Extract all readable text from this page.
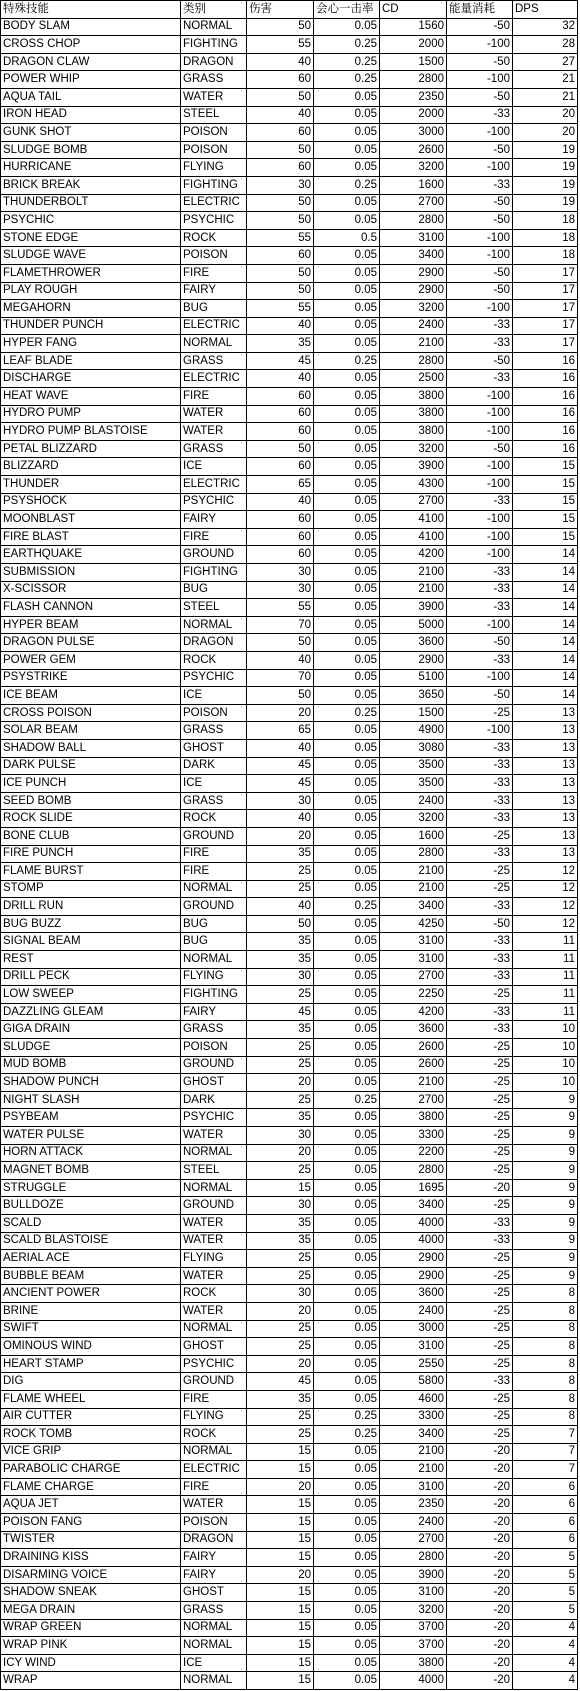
特殊技能	类别	伤害	会心一击率	CD	能量消耗	DPS
BODY SLAM	NORMAL	50	0.05	1560	-50	32
CROSS CHOP	FIGHTING	55	0.25	2000	-100	28
DRAGON CLAW	DRAGON	40	0.25	1500	-50	27
POWER WHIP	GRASS	60	0.25	2800	-100	21
AQUA TAIL	WATER	50	0.05	2350	-50	21
IRON HEAD	STEEL	40	0.05	2000	-33	20
GUNK SHOT	POISON	60	0.05	3000	-100	20
SLUDGE BOMB	POISON	50	0.05	2600	-50	19
HURRICANE	FLYING	60	0.05	3200	-100	19
BRICK BREAK	FIGHTING	30	0.25	1600	-33	19
THUNDERBOLT	ELECTRIC	50	0.05	2700	-50	19
PSYCHIC	PSYCHIC	50	0.05	2800	-50	18
STONE EDGE	ROCK	55	0.5	3100	-100	18
SLUDGE WAVE	POISON	60	0.05	3400	-100	18
FLAMETHROWER	FIRE	50	0.05	2900	-50	17
PLAY ROUGH	FAIRY	50	0.05	2900	-50	17
MEGAHORN	BUG	55	0.05	3200	-100	17
THUNDER PUNCH	ELECTRIC	40	0.05	2400	-33	17
HYPER FANG	NORMAL	35	0.05	2100	-33	17
LEAF BLADE	GRASS	45	0.25	2800	-50	16
DISCHARGE	ELECTRIC	40	0.05	2500	-33	16
HEAT WAVE	FIRE	60	0.05	3800	-100	16
HYDRO PUMP	WATER	60	0.05	3800	-100	16
HYDRO PUMP BLASTOISE	WATER	60	0.05	3800	-100	16
PETAL BLIZZARD	GRASS	50	0.05	3200	-50	16
BLIZZARD	ICE	60	0.05	3900	-100	15
THUNDER	ELECTRIC	65	0.05	4300	-100	15
PSYSHOCK	PSYCHIC	40	0.05	2700	-33	15
MOONBLAST	FAIRY	60	0.05	4100	-100	15
FIRE BLAST	FIRE	60	0.05	4100	-100	15
EARTHQUAKE	GROUND	60	0.05	4200	-100	14
SUBMISSION	FIGHTING	30	0.05	2100	-33	14
X-SCISSOR	BUG	30	0.05	2100	-33	14
FLASH CANNON	STEEL	55	0.05	3900	-33	14
HYPER BEAM	NORMAL	70	0.05	5000	-100	14
DRAGON PULSE	DRAGON	50	0.05	3600	-50	14
POWER GEM	ROCK	40	0.05	2900	-33	14
PSYSTRIKE	PSYCHIC	70	0.05	5100	-100	14
ICE BEAM	ICE	50	0.05	3650	-50	14
CROSS POISON	POISON	20	0.25	1500	-25	13
SOLAR BEAM	GRASS	65	0.05	4900	-100	13
SHADOW BALL	GHOST	40	0.05	3080	-33	13
DARK PULSE	DARK	45	0.05	3500	-33	13
ICE PUNCH	ICE	45	0.05	3500	-33	13
SEED BOMB	GRASS	30	0.05	2400	-33	13
ROCK SLIDE	ROCK	40	0.05	3200	-33	13
BONE CLUB	GROUND	20	0.05	1600	-25	13
FIRE PUNCH	FIRE	35	0.05	2800	-33	13
FLAME BURST	FIRE	25	0.05	2100	-25	12
STOMP	NORMAL	25	0.05	2100	-25	12
DRILL RUN	GROUND	40	0.25	3400	-33	12
BUG BUZZ	BUG	50	0.05	4250	-50	12
SIGNAL BEAM	BUG	35	0.05	3100	-33	11
REST	NORMAL	35	0.05	3100	-33	11
DRILL PECK	FLYING	30	0.05	2700	-33	11
LOW SWEEP	FIGHTING	25	0.05	2250	-25	11
DAZZLING GLEAM	FAIRY	45	0.05	4200	-33	11
GIGA DRAIN	GRASS	35	0.05	3600	-33	10
SLUDGE	POISON	25	0.05	2600	-25	10
MUD BOMB	GROUND	25	0.05	2600	-25	10
SHADOW PUNCH	GHOST	20	0.05	2100	-25	10
NIGHT SLASH	DARK	25	0.25	2700	-25	9
PSYBEAM	PSYCHIC	35	0.05	3800	-25	9
WATER PULSE	WATER	30	0.05	3300	-25	9
HORN ATTACK	NORMAL	20	0.05	2200	-25	9
MAGNET BOMB	STEEL	25	0.05	2800	-25	9
STRUGGLE	NORMAL	15	0.05	1695	-20	9
BULLDOZE	GROUND	30	0.05	3400	-25	9
SCALD	WATER	35	0.05	4000	-33	9
SCALD BLASTOISE	WATER	35	0.05	4000	-33	9
AERIAL ACE	FLYING	25	0.05	2900	-25	9
BUBBLE BEAM	WATER	25	0.05	2900	-25	9
ANCIENT POWER	ROCK	30	0.05	3600	-25	8
BRINE	WATER	20	0.05	2400	-25	8
SWIFT	NORMAL	25	0.05	3000	-25	8
OMINOUS WIND	GHOST	25	0.05	3100	-25	8
HEART STAMP	PSYCHIC	20	0.05	2550	-25	8
DIG	GROUND	45	0.05	5800	-33	8
FLAME WHEEL	FIRE	35	0.05	4600	-25	8
AIR CUTTER	FLYING	25	0.25	3300	-25	8
ROCK TOMB	ROCK	25	0.25	3400	-25	7
VICE GRIP	NORMAL	15	0.05	2100	-20	7
PARABOLIC CHARGE	ELECTRIC	15	0.05	2100	-20	7
FLAME CHARGE	FIRE	20	0.05	3100	-20	6
AQUA JET	WATER	15	0.05	2350	-20	6
POISON FANG	POISON	15	0.05	2400	-20	6
TWISTER	DRAGON	15	0.05	2700	-20	6
DRAINING KISS	FAIRY	15	0.05	2800	-20	5
DISARMING VOICE	FAIRY	20	0.05	3900	-20	5
SHADOW SNEAK	GHOST	15	0.05	3100	-20	5
MEGA DRAIN	GRASS	15	0.05	3200	-20	5
WRAP GREEN	NORMAL	15	0.05	3700	-20	4
WRAP PINK	NORMAL	15	0.05	3700	-20	4
ICY WIND	ICE	15	0.05	3800	-20	4
WRAP	NORMAL	15	0.05	4000	-20	4
